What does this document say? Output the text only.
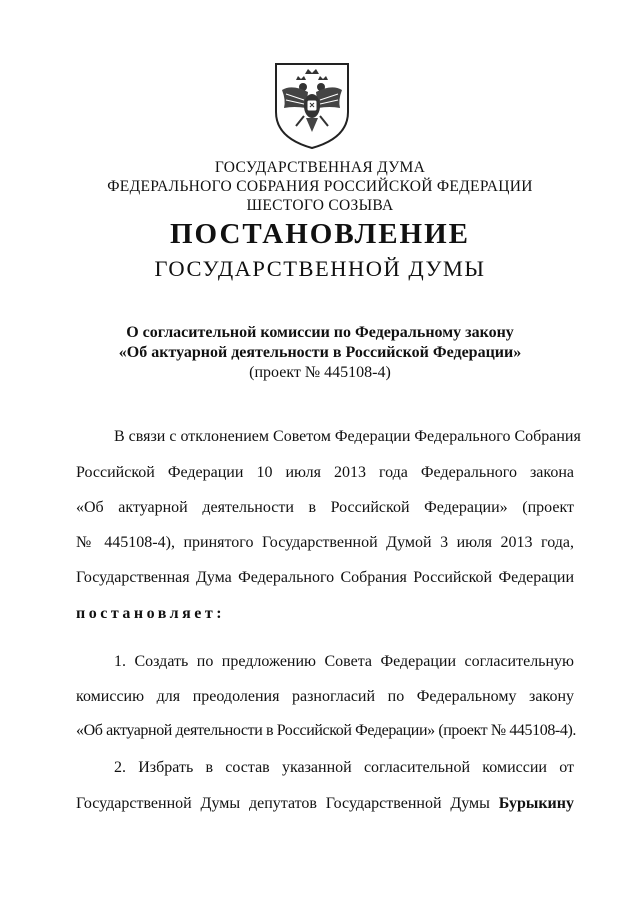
ГОСУДАРСТВЕННАЯ ДУМА
ФЕДЕРАЛЬНОГО СОБРАНИЯ РОССИЙСКОЙ ФЕДЕРАЦИИ
ШЕСТОГО СОЗЫВА
ПОСТАНОВЛЕНИЕ
ГОСУДАРСТВЕННОЙ ДУМЫ
О согласительной комиссии по Федеральному закону
«Об актуарной деятельности в Российской Федерации»
(проект № 445108-4)
В связи с отклонением Советом Федерации Федерального Собрания
Российской Федерации 10 июля 2013 года Федерального закона
«Об актуарной деятельности в Российской Федерации» (проект
№ 445108-4), принятого Государственной Думой 3 июля 2013 года,
Государственная Дума Федерального Собрания Российской Федерации
постановляет:
1. Создать по предложению Совета Федерации согласительную
комиссию для преодоления разногласий по Федеральному закону
«Об актуарной деятельности в Российской Федерации» (проект № 445108-4).
2. Избрать в состав указанной согласительной комиссии от
Государственной Думы депутатов Государственной Думы Бурыкину
